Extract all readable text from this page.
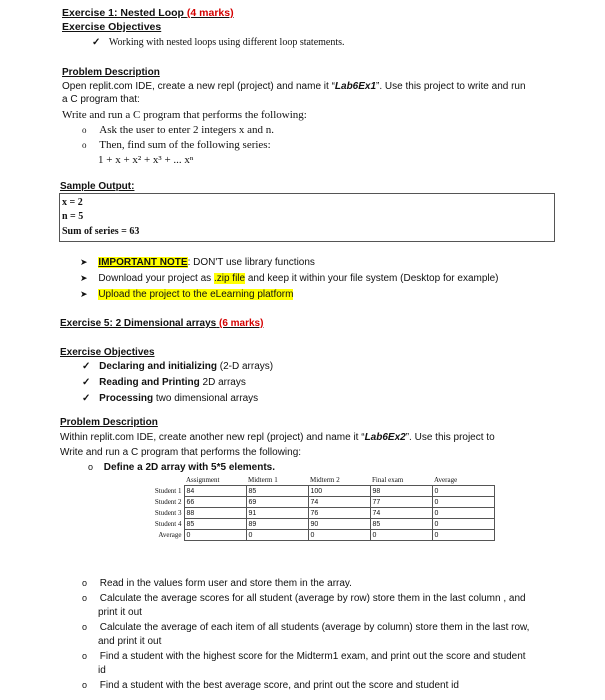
Exercise 1: Nested Loop (4 marks)
Exercise Objectives
✓ Working with nested loops using different loop statements.
Problem Description
Open replit.com IDE, create a new repl (project) and name it “Lab6Ex1”. Use this project to write and run
a C program that:
Write and run a C program that performs the following:
o Ask the user to enter 2 integers x and n.
o Then, find sum of the following series:
1 + x + x² + x³ + ... xⁿ
Sample Output:
x = 2
n = 5
Sum of series = 63
➤ IMPORTANT NOTE: DON'T use library functions
➤ Download your project as .zip file and keep it within your file system (Desktop for example)
➤ Upload the project to the eLearning platform
Exercise 5: 2 Dimensional arrays (6 marks)
Exercise Objectives
✓ Declaring and initializing (2-D arrays)
✓ Reading and Printing 2D arrays
✓ Processing two dimensional arrays
Problem Description
Within replit.com IDE, create another new repl (project) and name it “Lab6Ex2”. Use this project to
Write and run a C program that performs the following:
o Define a 2D array with 5*5 elements.
	Assignment	Midterm 1	Midterm 2	Final exam	Average
Student 1	84	85	100	98	0
Student 2	66	69	74	77	0
Student 3	88	91	76	74	0
Student 4	85	89	90	85	0
Average	0	0	0	0	0
o Read in the values form user and store them in the array.
o Calculate the average scores for all student (average by row) store them in the last column , and
print it out
o Calculate the average of each item of all students (average by column) store them in the last row,
and print it out
o Find a student with the highest score for the Midterm1 exam, and print out the score and student
id
o Find a student with the best average score, and print out the score and student id
